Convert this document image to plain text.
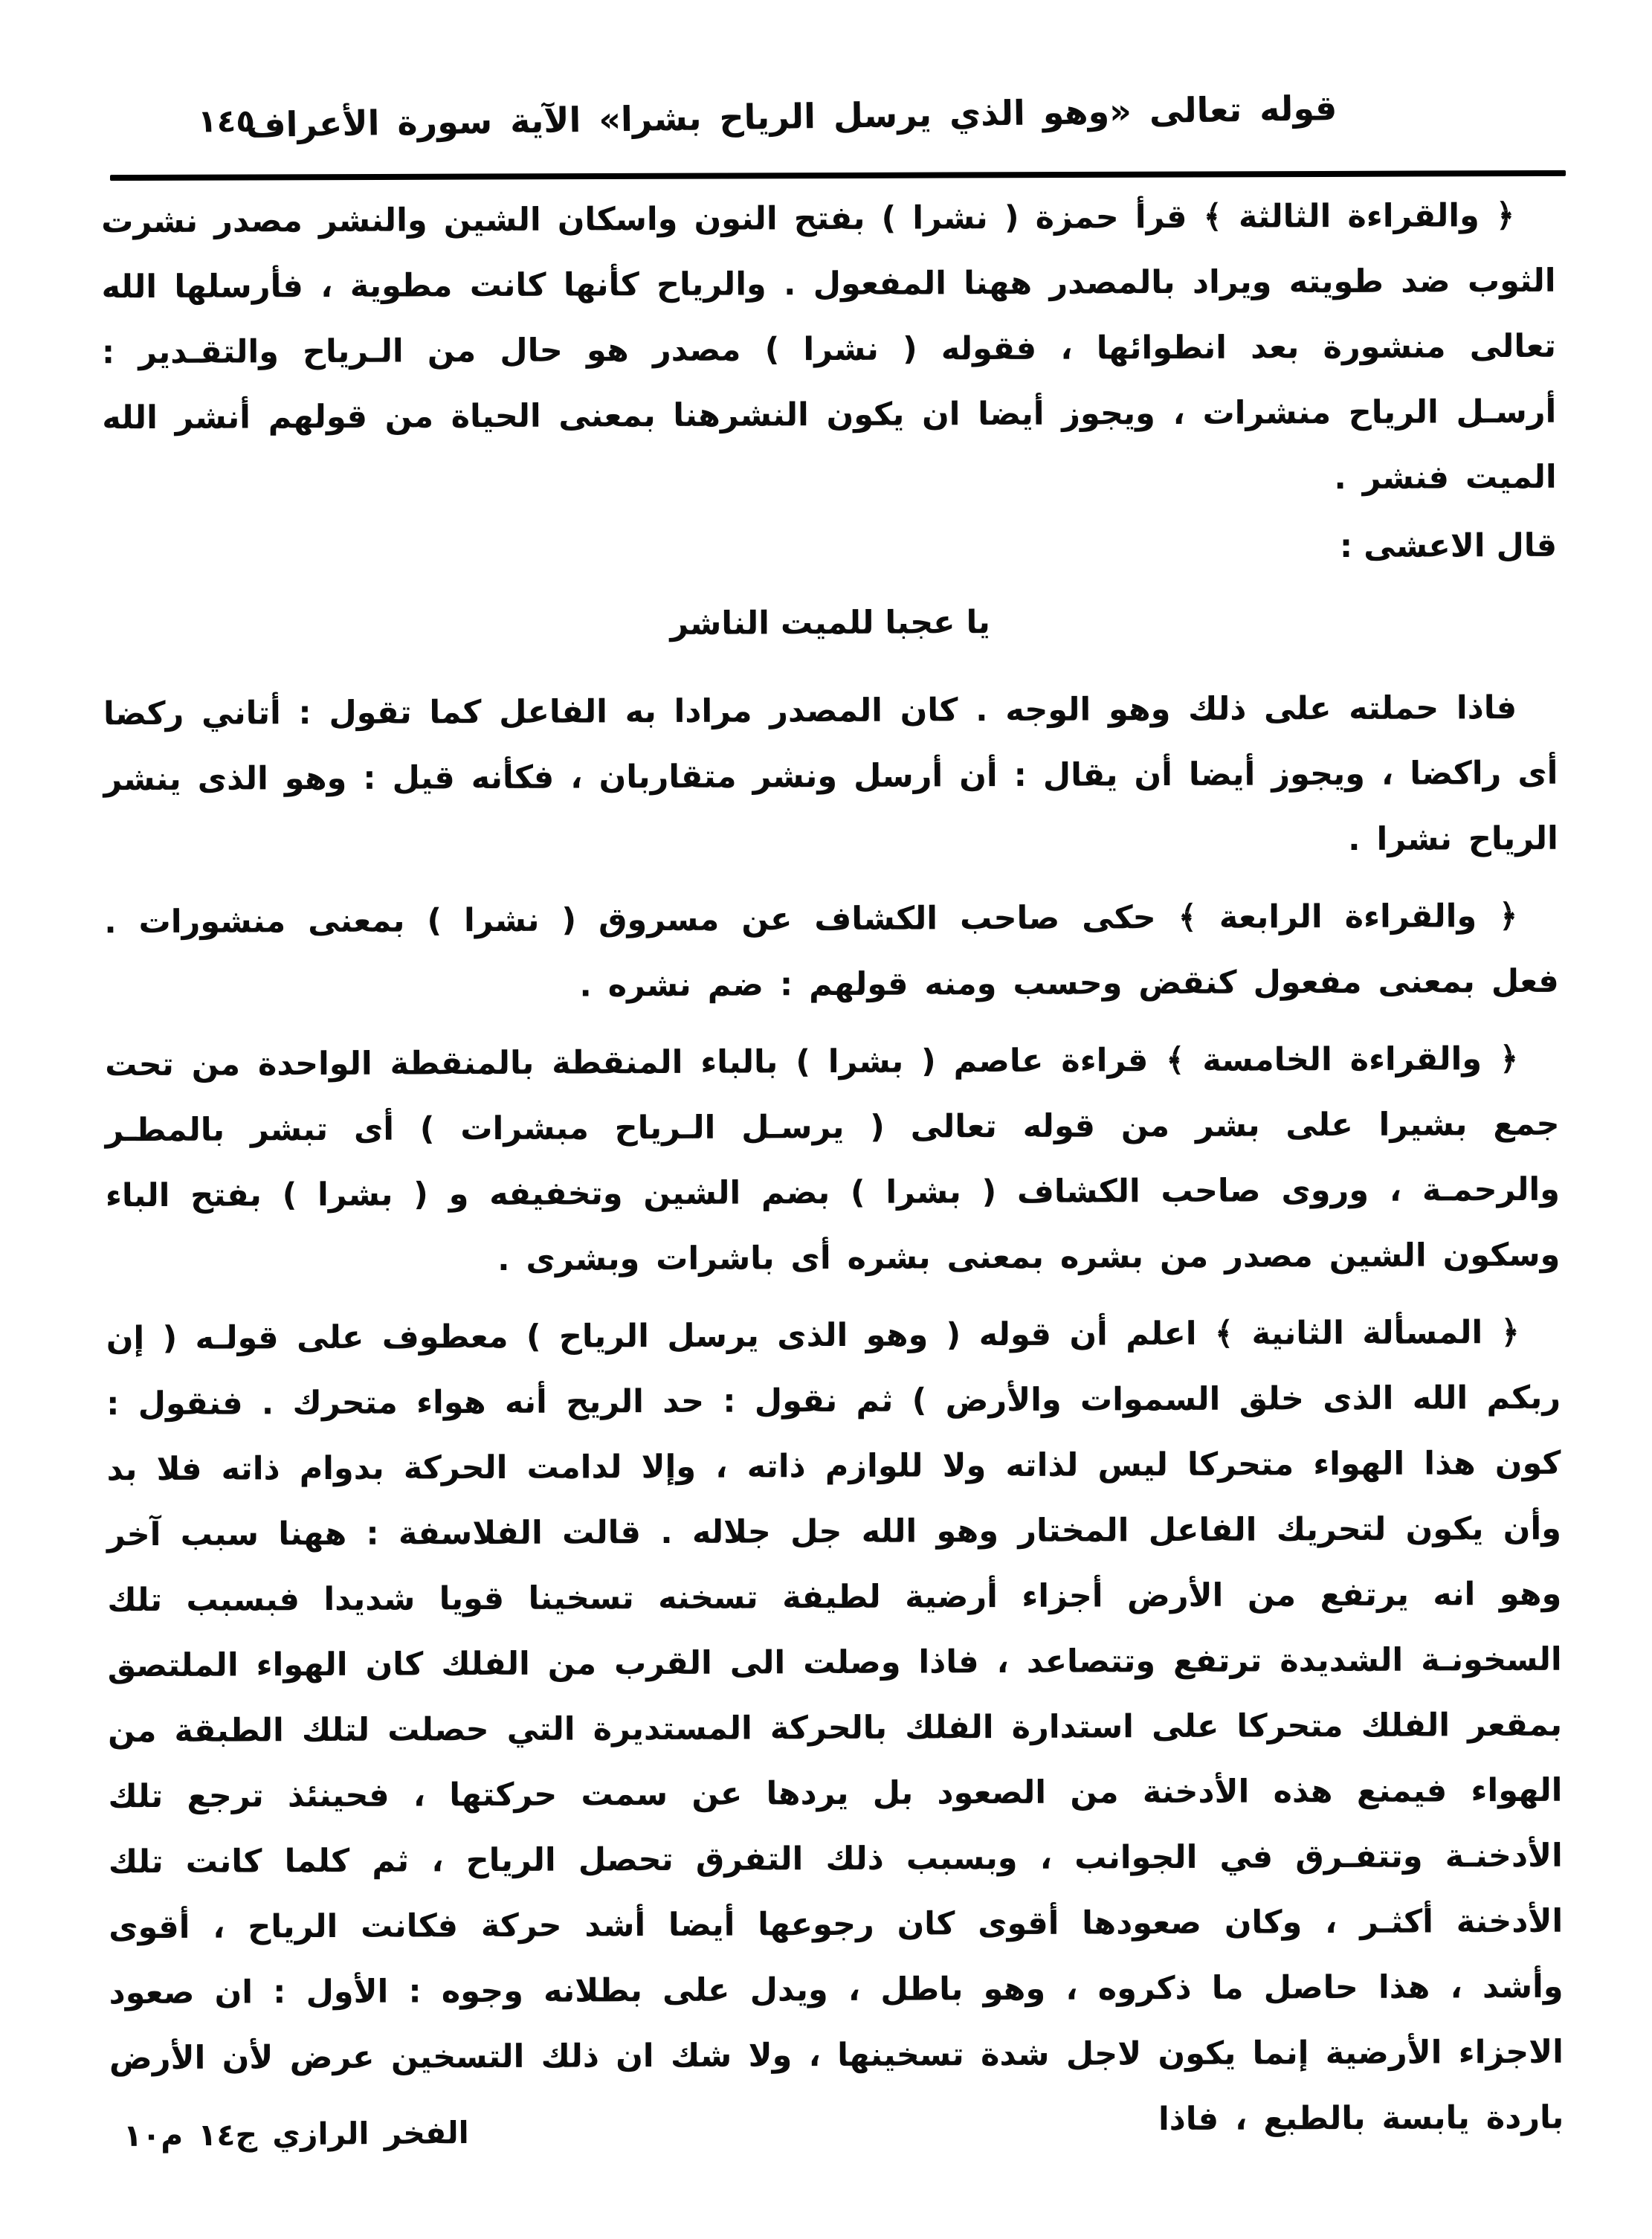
١٤٥
قوله تعالى «وهو الذي يرسل الرياح بشرا» الآية سورة الأعراف

﴿ والقراءة الثالثة ﴾ قرأ حمزة ( نشرا ) بفتح النون واسكان الشين والنشر مصدر نشرت الثوب ضد طويته ويراد بالمصدر ههنا المفعول . والرياح كأنها كانت مطوية ، فأرسلها الله تعالى منشورة بعد انطوائها ، فقوله ( نشرا ) مصدر هو حال من الـرياح والتقـدير : أرسـل الرياح منشرات ، ويجوز أيضا ان يكون النشرهنا بمعنى الحياة من قولهم أنشر الله الميت فنشر .

قال الاعشى :

يا عجبا للميت الناشر

فاذا حملته على ذلك وهو الوجه . كان المصدر مرادا به الفاعل كما تقول : أتاني ركضا أى راكضا ، ويجوز أيضا أن يقال : أن أرسل ونشر متقاربان ، فكأنه قيل : وهو الذى ينشر الرياح نشرا .

﴿ والقراءة الرابعة ﴾ حكى صاحب الكشاف عن مسروق ( نشرا ) بمعنى منشورات . فعل بمعنى مفعول كنقض وحسب ومنه قولهم : ضم نشره .

﴿ والقراءة الخامسة ﴾ قراءة عاصم ( بشرا ) بالباء المنقطة بالمنقطة الواحدة من تحت جمع بشيرا على بشر من قوله تعالى ( يرسـل الـرياح مبشرات ) أى تبشر بالمطـر والرحمـة ، وروى صاحب الكشاف ( بشرا ) بضم الشين وتخفيفه و ( بشرا ) بفتح الباء وسكون الشين مصدر من بشره بمعنى بشره أى باشرات وبشرى .

﴿ المسألة الثانية ﴾ اعلم أن قوله ( وهو الذى يرسل الرياح ) معطوف على قولـه ( إن ربكم الله الذى خلق السموات والأرض ) ثم نقول : حد الريح أنه هواء متحرك . فنقول : كون هذا الهواء متحركا ليس لذاته ولا للوازم ذاته ، وإلا لدامت الحركة بدوام ذاته فلا بد وأن يكون لتحريك الفاعل المختار وهو الله جل جلاله . قالت الفلاسفة : ههنا سبب آخر وهو انه يرتفع من الأرض أجزاء أرضية لطيفة تسخنه تسخينا قويا شديدا فبسبب تلك السخونـة الشديدة ترتفع وتتصاعد ، فاذا وصلت الى القرب من الفلك كان الهواء الملتصق بمقعر الفلك متحركا على استدارة الفلك بالحركة المستديرة التي حصلت لتلك الطبقة من الهواء فيمنع هذه الأدخنة من الصعود بل يردها عن سمت حركتها ، فحينئذ ترجع تلك الأدخنـة وتتفـرق في الجوانب ، وبسبب ذلك التفرق تحصل الرياح ، ثم كلما كانت تلك الأدخنة أكثـر ، وكان صعودها أقوى كان رجوعها أيضا أشد حركة فكانت الرياح ، أقوى وأشد ، هذا حاصل ما ذكروه ، وهو باطل ، ويدل على بطلانه وجوه : الأول : ان صعود الاجزاء الأرضية إنما يكون لاجل شدة تسخينها ، ولا شك ان ذلك التسخين عرض لأن الأرض باردة يابسة بالطبع ، فاذا

الفخر الرازي ج١٤ م١٠
